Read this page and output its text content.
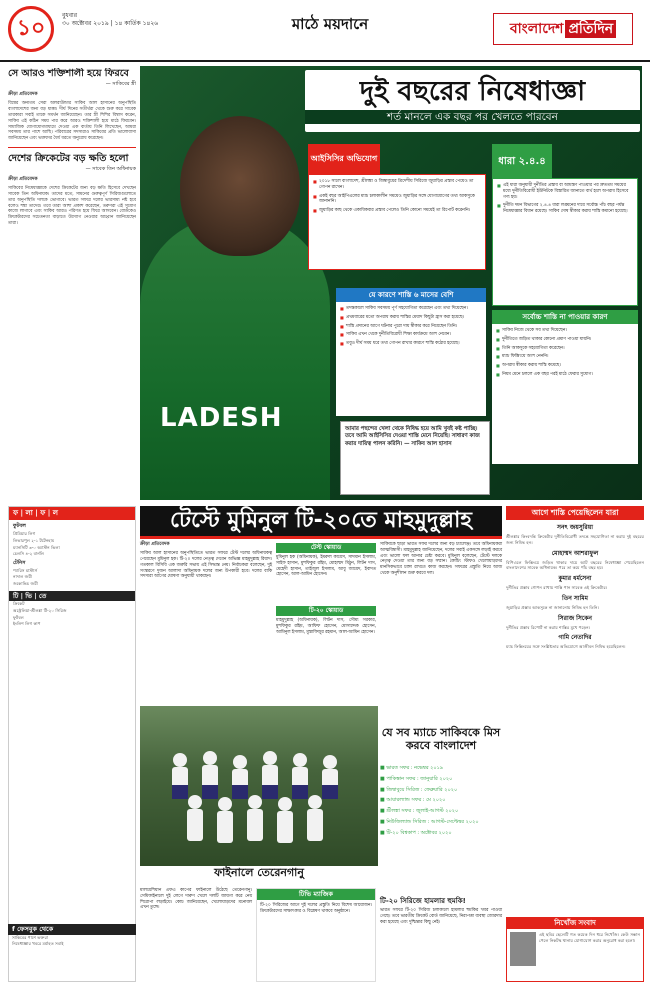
১০
বুধবার
৩০ অক্টোবর ২০১৯ | ১৪ কার্তিক ১৪২৬	মাঠে ময়দানে	বাংলাদেশ প্রতিদিন
সে আরও শক্তিশালী হয়ে ফিরবে
— সাকিবের স্ত্রী
ক্রীড়া প্রতিবেদক
বিশ্বের অন্যতম সেরা অলরাউন্ডার সাকিব আল হাসানের অনুপস্থিতি বাংলাদেশের জন্য বড় ধাক্কা। দীর্ঘ দিনের সতীর্থরা থেকে শুরু করে সাবেক তারকারা সবাই তাকে সমর্থন জানিয়েছেন। তার স্ত্রী শিশির বিশ্বাস করেন, সাকিব এই কঠিন সময় পার করে আরও শক্তিশালী হয়ে মাঠে ফিরবেন। সামাজিক যোগাযোগমাধ্যমে দেওয়া এক বার্তায় তিনি লিখেছেন, আমরা সবসময় তার পাশে আছি। পরিবারের সদস্যরাও সাকিবের প্রতি ভালোবাসা জানিয়েছেন এবং ভক্তদের ধৈর্য ধরতে অনুরোধ করেছেন।
দেশের ক্রিকেটের বড় ক্ষতি হলো
— সাবেক তিন অধিনায়ক
ক্রীড়া প্রতিবেদক
সাকিবের নিষেধাজ্ঞাকে দেশের ক্রিকেটের জন্য বড় ক্ষতি হিসেবে দেখছেন সাবেক তিন অধিনায়ক। তাদের মতে, সামনের গুরুত্বপূর্ণ সিরিজগুলোতে তার অনুপস্থিতি দলকে ভোগাবে। ভারত সফরে দলের ভারসাম্য নষ্ট হবে বলেও শঙ্কা তাদের। তবে তারা আশা প্রকাশ করেছেন, তরুণরা এই সুযোগ কাজে লাগাবে এবং সাকিব আরও পরিণত হয়ে ফিরে আসবেন। বোর্ডকেও ক্রিকেটারদের সচেতনতা বাড়াতে উদ্যোগ নেওয়ার আহ্বান জানিয়েছেন তারা।
LADESH
দুই বছরের নিষেধাজ্ঞা
শর্ত মানলে এক বছর পর খেলতে পারবেন
আইসিসির অভিযোগ	ধারা ২.৪.৪
■ ২০১৮ সালে বাংলাদেশ, শ্রীলঙ্কা ও জিম্বাবুয়ের ত্রিদেশীয় সিরিজে জুয়াড়ির প্রস্তাব পেয়েও তা গোপন রাখেন।
■ একই বছর আইপিএলের ম্যাচ চলাকালীন সময়েও জুয়াড়ির সঙ্গে যোগাযোগের তথ্য আকসুকে জানাননি।
■ জুয়াড়ির কাছ থেকে একাধিকবার প্রস্তাব পেলেও তিনি কোনো সময়েই তা রিপোর্ট করেননি।
■ এই ধারা অনুযায়ী দুর্নীতির প্রস্তাব বা আমন্ত্রণ পাওয়ার পর দ্রুততম সময়ের মধ্যে দুর্নীতিবিরোধী ইউনিটকে বিস্তারিত জানাতে ব্যর্থ হলে অপরাধ হিসেবে গণ্য হয়।
■ দুর্নীতি দমন বিভাগের ২.৪.৪ ধারা লঙ্ঘনের দায়ে সর্বোচ্চ পাঁচ বছর পর্যন্ত নিষেধাজ্ঞার বিধান রয়েছে। সাকিব দোষ স্বীকার করায় শাস্তি কমানো হয়েছে।
যে কারণে শাস্তি ৬ মাসের বেশি
■ তদন্তকালে সাকিব সবসময় পূর্ণ সহযোগিতা করেছেন এবং তথ্য দিয়েছেন।
■ প্রথমবারের মতো অপরাধ করায় শাস্তির মেয়াদ কিছুটা হ্রাস করা হয়েছে।
■ শাস্তি প্রদানের আগে ঘটনার পুরো দায় স্বীকার করে নিয়েছেন তিনি।
■ সাকিব এখন থেকে দুর্নীতিবিরোধী শিক্ষা কার্যক্রমে অংশ নেবেন।
■ তবুও দীর্ঘ সময় ধরে তথ্য গোপন রাখার কারণে শাস্তি কঠোর হয়েছে।
সর্বোচ্চ শাস্তি না পাওয়ার কারণ
■ সাকিব নিজে থেকে সব তথ্য দিয়েছেন।
■ দুর্নীতিতে জড়িত থাকার কোনো প্রমাণ পাওয়া যায়নি।
■ তিনি আকসুকে সহযোগিতা করেছেন।
■ ম্যাচ ফিক্সিংয়ে অংশ নেননি।
■ অপরাধ স্বীকার করায় শাস্তি কমেছে।
■ নিয়ম মেনে চললে এক বছর পরই মাঠে ফেরার সুযোগ।
আমার পছন্দের খেলা থেকে নিষিদ্ধ হয়ে আমি খুবই কষ্ট পাচ্ছি। তবে আমি আইসিসির দেওয়া শাস্তি মেনে নিয়েছি। সাধারণ কাজ করার দায়িত্ব পালন করিনি। — সাকিব আল হাসান
ফ | লা | ফ | ল
ফুটবল
প্রিমিয়ার লিগ
লিভারপুল ২-১ টটেনহাম
ম্যানসিটি ৩-০ অ্যাস্টন ভিলা
চেলসি ৪-২ বার্নলি
টেনিস
প্যারিস মাস্টার্স
নাদাল জয়ী
জকোভিচ জয়ী
টি | ভি | তে
ক্রিকেট
অস্ট্রেলিয়া-শ্রীলঙ্কা টি-২০ সিরিজ
ফুটবল
ইংলিশ লিগ কাপ
f ফেসবুক থেকে
সাকিবের পাশে ভক্তরা
নিষেধাজ্ঞার খবরে মর্মাহত সবাই
টেস্টে মুমিনুল টি-২০তে মাহমুদুল্লাহ
ক্রীড়া প্রতিবেদক
সাকিব আল হাসানের অনুপস্থিতিতে ভারত সফরে টেস্ট দলের অধিনায়কত্ব পেয়েছেন মুমিনুল হক। টি-২০ দলের নেতৃত্ব দেবেন অভিজ্ঞ মাহমুদুল্লাহ রিয়াদ। গতকাল বিসিবি এক জরুরি সভায় এই সিদ্ধান্ত নেয়। নির্বাচকরা বলেছেন, দুই সংস্করণে দুজন আলাদা অধিনায়ক দলের জন্য উপকারী হবে। দলের বাকি সদস্যরা আগের ঘোষণা অনুযায়ী থাকছেন।
টেস্ট স্কোয়াড
মুমিনুল হক (অধিনায়ক), ইমরুল কায়েস, সাদমান ইসলাম, সাইফ হাসান, মুশফিকুর রহিম, মোহাম্মদ মিঠুন, লিটন দাস, মেহেদী হাসান, তাইজুল ইসলাম, আবু জায়েদ, ইবাদত হোসেন, আল-আমিন হোসেন।
টি-২০ স্কোয়াড
মাহমুদুল্লাহ (অধিনায়ক), লিটন দাস, সৌম্য সরকার, মুশফিকুর রহিম, আফিফ হোসেন, মোসাদ্দেক হোসেন, আমিনুল ইসলাম, মুস্তাফিজুর রহমান, আল-আমিন হোসেন।
সাকিবকে ছাড়া ভারত সফর দলের জন্য বড় চ্যালেঞ্জ। তবে অধিনায়করা আত্মবিশ্বাসী। মাহমুদুল্লাহ জানিয়েছেন, দলের সবাই একসঙ্গে লড়াই করবে এবং ভালো ফল আনার চেষ্টা করবে। মুমিনুল বলেছেন, টেস্টে দলকে নেতৃত্ব দেওয়া তার জন্য বড় সম্মান। কোচিং স্টাফও খেলোয়াড়দের মানসিকভাবে চাঙ্গা রাখতে কাজ করছেন। সফরের প্রস্তুতি নিয়ে আজ থেকে অনুশীলন শুরু করবে দল।
ফাইনালে তেরেনগানু
যে সব ম্যাচে সাকিবকে মিস করবে বাংলাদেশ
■ ভারত সফর : নভেম্বর ২০১৯
■ পাকিস্তান সফর : জানুয়ারি ২০২০
■ জিম্বাবুয়ে সিরিজ : ফেব্রুয়ারি ২০২০
■ আয়ারল্যান্ড সফর : মে ২০২০
■ শ্রীলঙ্কা সফর : জুলাই-আগস্ট ২০২০
■ নিউজিল্যান্ড সিরিজ : আগস্ট-সেপ্টেম্বর ২০২০
■ টি-২০ বিশ্বকাপ : অক্টোবর ২০২০
মালয়েশিয়ান এফএ কাপের ফাইনালে উঠেছে তেরেনগানু। সেমিফাইনালে দুই লেগে দারুণ খেলে দলটি জায়গা করে নেয় শিরোপা লড়াইয়ে। কোচ জানিয়েছেন, খেলোয়াড়দের মনোবল এখন তুঙ্গে।
টিভি ম্যাজিক
টি-২০ সিরিজের আগে দুই দলের প্রস্তুতি নিয়ে বিশেষ আয়োজন। ক্রিকেটারদের সাক্ষাৎকার ও বিশ্লেষণ থাকবে অনুষ্ঠানে।
টি-২০ সিরিজে হামলার হুমকি!
ভারত সফরে টি-২০ সিরিজ চলাকালে হামলার হুমকির খবর পাওয়া গেছে। তবে ভারতীয় ক্রিকেট বোর্ড জানিয়েছে, নিরাপত্তা ব্যবস্থা জোরদার করা হয়েছে এবং দুশ্চিন্তার কিছু নেই।
আগে শাস্তি পেয়েছিলেন যারা
সনৎ জয়সুরিয়া
শ্রীলঙ্কার কিংবদন্তি ক্রিকেটার দুর্নীতিবিরোধী তদন্তে সহযোগিতা না করায় দুই বছরের জন্য নিষিদ্ধ হন।
মোহাম্মদ আশরাফুল
বিপিএলে ফিক্সিংয়ে জড়িত থাকার দায়ে আট বছরের নিষেধাজ্ঞা পেয়েছিলেন বাংলাদেশের সাবেক অধিনায়ক। পরে তা কমে পাঁচ বছর হয়।
কুমার ধর্মসেনা
দুর্নীতির প্রস্তাব গোপন রাখায় শাস্তি পান সাবেক এই ক্রিকেটার।
তিন সামিম
জুয়াড়ির প্রস্তাব আকসুকে না জানানোয় নিষিদ্ধ হন তিনি।
সিরাজ সিকেন
দুর্নীতির প্রস্তাব রিপোর্ট না করায় শাস্তির মুখে পড়েন।
গামি নেতাদির
ম্যাচ ফিক্সিংয়ের সঙ্গে সংশ্লিষ্টতার অভিযোগে আজীবন নিষিদ্ধ হয়েছিলেন।
নিখোঁজ সংবাদ
এই ছবির ছেলেটি গত কয়েক দিন ধরে নিখোঁজ। কেউ সন্ধান পেলে নিকটস্থ থানায় যোগাযোগ করার অনুরোধ করা হলো।
